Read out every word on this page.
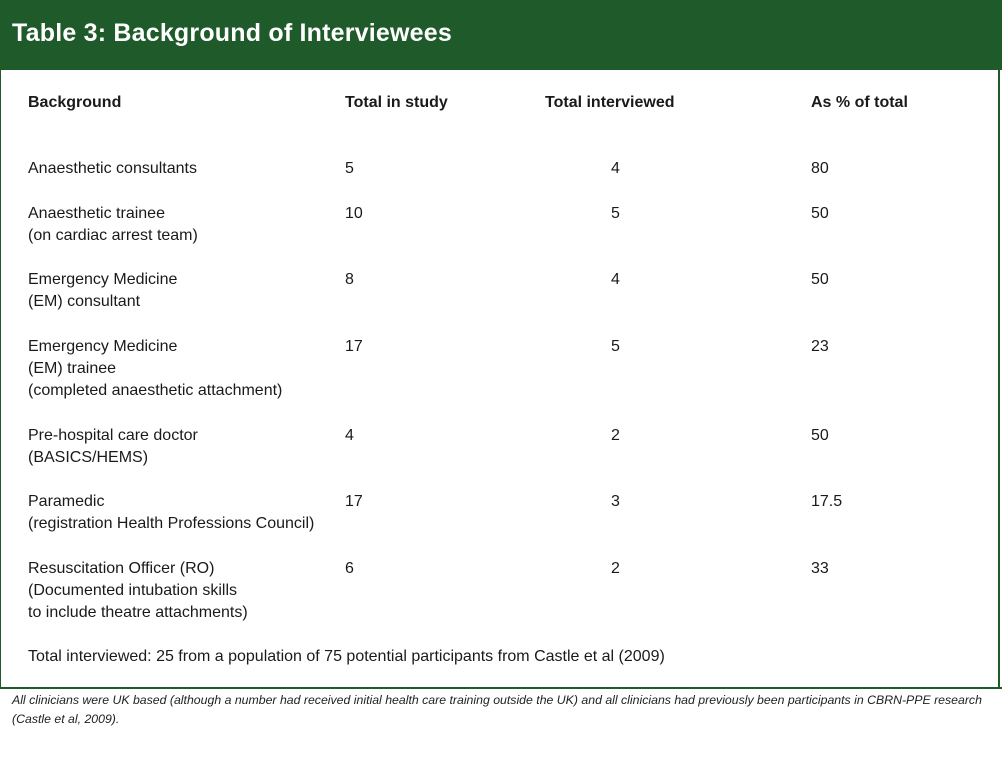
Table 3: Background of Interviewees
Background	Total in study	Total interviewed	As % of total
Anaesthetic consultants	5	4	80
Anaesthetic trainee
(on cardiac arrest team)
10	5	50
Emergency Medicine
(EM) consultant
8	4	50
Emergency Medicine
(EM) trainee
(completed anaesthetic attachment)
17	5	23
Pre-hospital care doctor
(BASICS/HEMS)
4	2	50
Paramedic
(registration Health Professions Council)
17	3	17.5
Resuscitation Officer (RO)
(Documented intubation skills
to include theatre attachments)
6	2	33
Total interviewed: 25 from a population of 75 potential participants from Castle et al (2009)
All clinicians were UK based (although a number had received initial health care training outside the UK) and all clinicians had previously been participants in CBRN-PPE research (Castle et al, 2009).
